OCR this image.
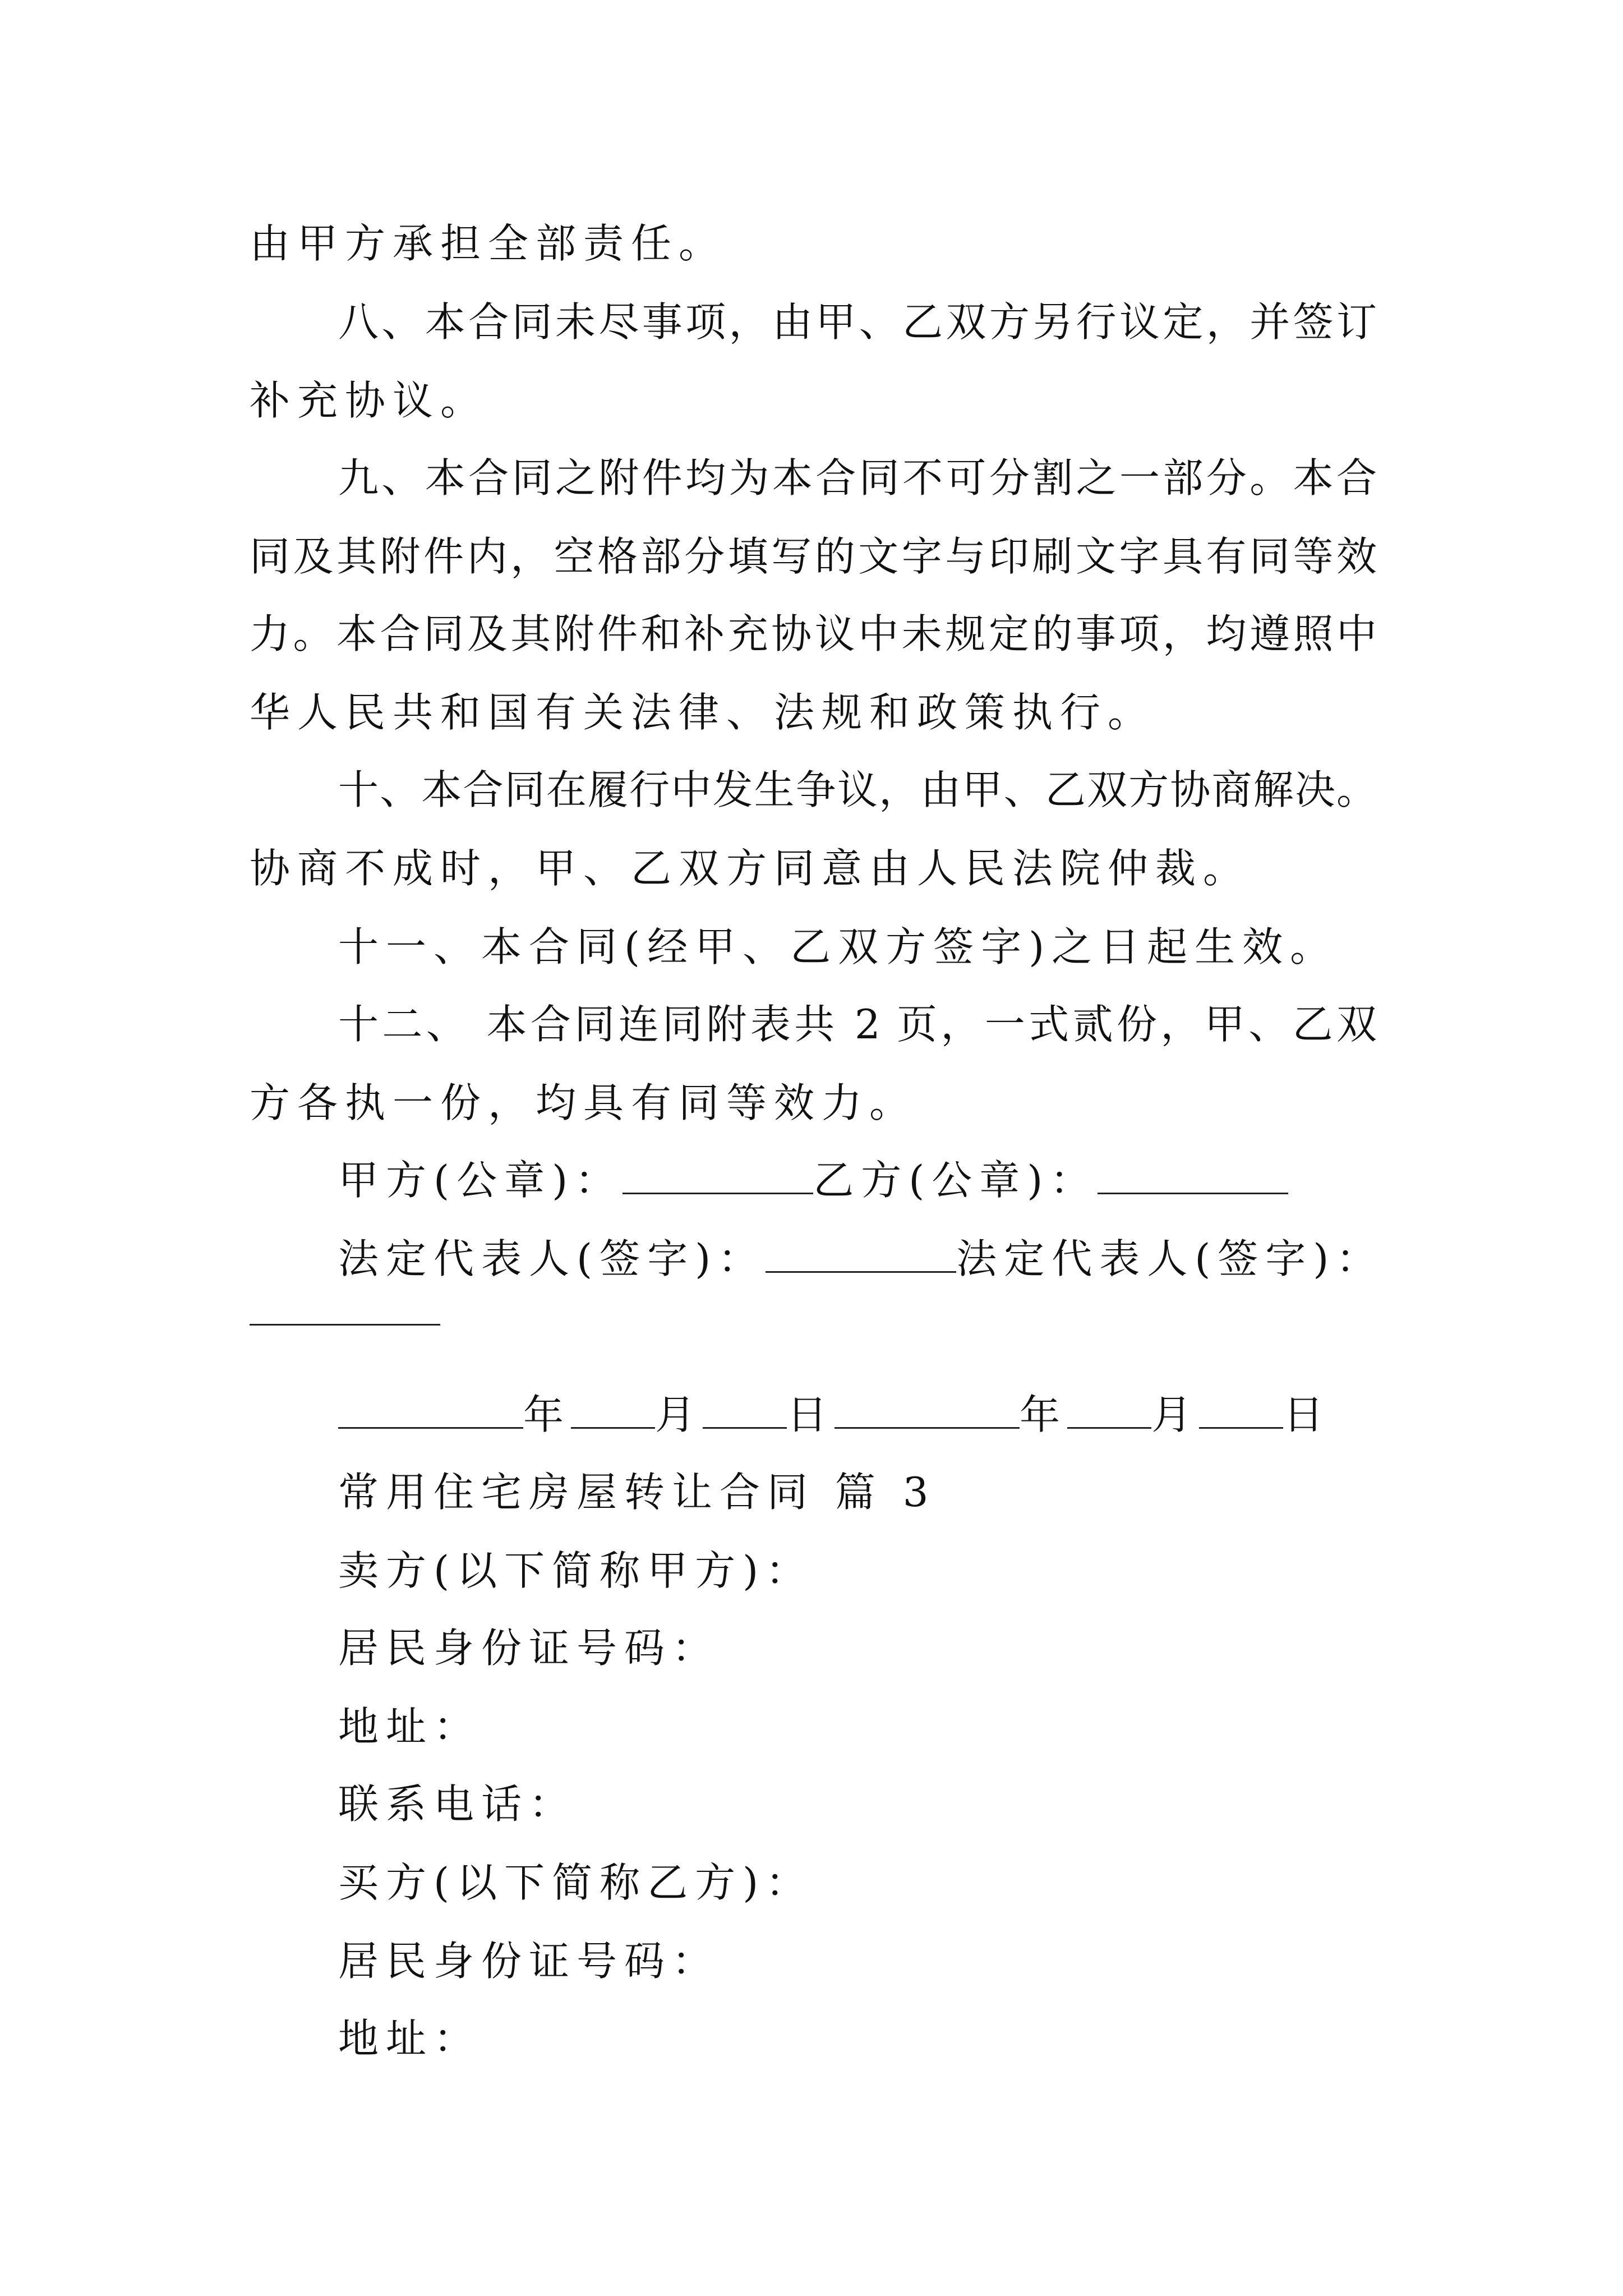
由甲方承担全部责任。
八、本合同未尽事项，由甲、乙双方另行议定，并签订
补充协议。
九、本合同之附件均为本合同不可分割之一部分。本合
同及其附件内，空格部分填写的文字与印刷文字具有同等效
力。本合同及其附件和补充协议中未规定的事项，均遵照中
华人民共和国有关法律、法规和政策执行。
十、本合同在履行中发生争议，由甲、乙双方协商解决。
协商不成时，甲、乙双方同意由人民法院仲裁。
十一、本合同(经甲、乙双方签字)之日起生效。
十二、 本合同连同附表共 2 页，一式贰份，甲、乙双
方各执一份，均具有同等效力。
甲方(公章)：	乙方(公章)：
法定代表人(签字)：	法定代表人(签字)：
年 月 日	年 月 日
常用住宅房屋转让合同 篇 3
卖方(以下简称甲方)：
居民身份证号码：
地址：
联系电话：
买方(以下简称乙方)：
居民身份证号码：
地址：
